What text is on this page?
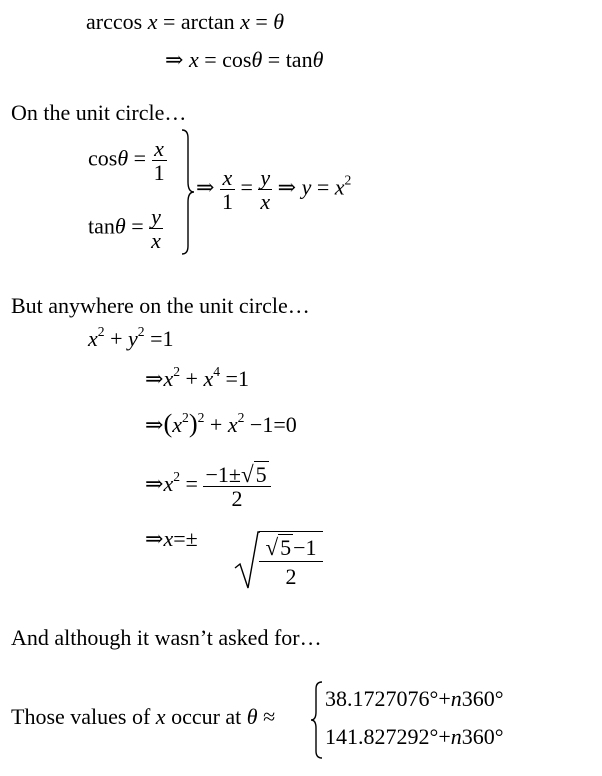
arccos x = arctan x = θ
⇒ x = cosθ = tanθ
On the unit circle…
$\cos\theta = \frac{x}{1}$
$\tan\theta = \frac{y}{x}$
⇒ $\frac{x}{1} = \frac{y}{x}$ ⇒ $y = x^2$
But anywhere on the unit circle…
$x^2 + y^2 =1$
$\Rightarrow x^2 + x^4 =1$
$\Rightarrow(x^2)^2 + x^2 -1=0$
$\Rightarrow x^2 = \frac{-1\pm√5}{2}$
⇒x=±	√5−1
2
And although it wasn’t asked for…
Those values of x occur at θ ≈
38.1727076°+n360°
141.827292°+n360°
